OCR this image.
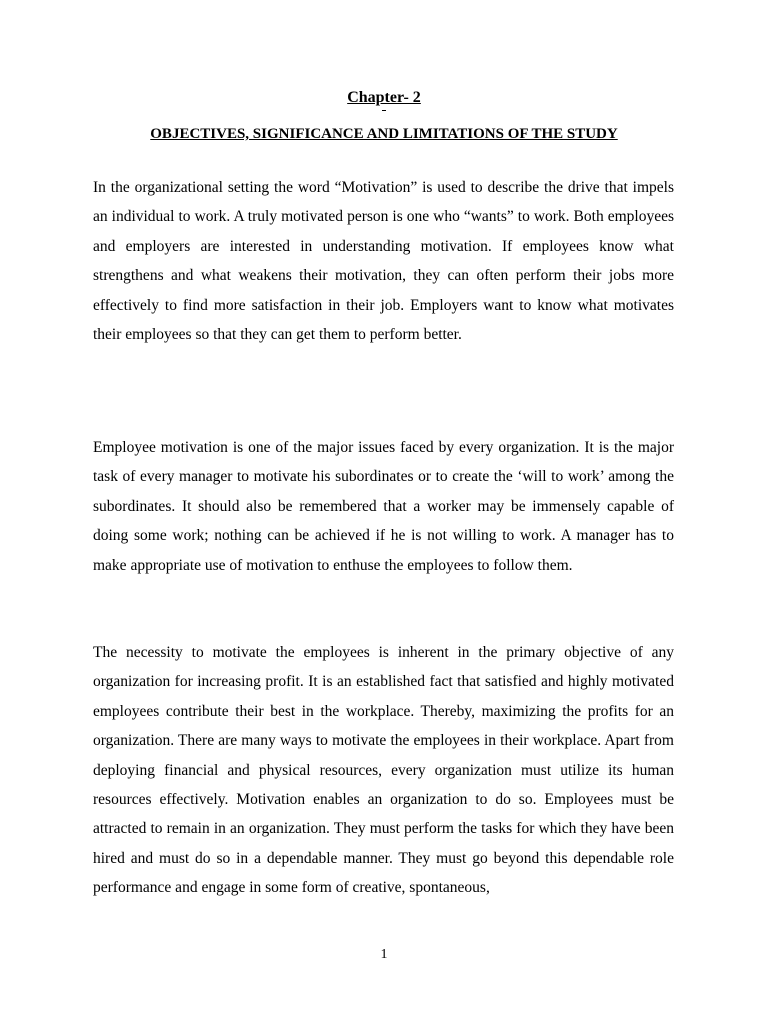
Chapter- 2
OBJECTIVES, SIGNIFICANCE AND LIMITATIONS OF THE STUDY

In the organizational setting the word “Motivation” is used to describe the drive that impels an individual to work. A truly motivated person is one who “wants” to work. Both employees and employers are interested in understanding motivation. If employees know what strengthens and what weakens their motivation, they can often perform their jobs more effectively to find more satisfaction in their job. Employers want to know what motivates their employees so that they can get them to perform better.

Employee motivation is one of the major issues faced by every organization. It is the major task of every manager to motivate his subordinates or to create the ‘will to work’ among the subordinates. It should also be remembered that a worker may be immensely capable of doing some work; nothing can be achieved if he is not willing to work. A manager has to make appropriate use of motivation to enthuse the employees to follow them.

The necessity to motivate the employees is inherent in the primary objective of any organization for increasing profit. It is an established fact that satisfied and highly motivated employees contribute their best in the workplace. Thereby, maximizing the profits for an organization. There are many ways to motivate the employees in their workplace. Apart from deploying financial and physical resources, every organization must utilize its human resources effectively. Motivation enables an organization to do so. Employees must be attracted to remain in an organization. They must perform the tasks for which they have been hired and must do so in a dependable manner. They must go beyond this dependable role performance and engage in some form of creative, spontaneous,

1
